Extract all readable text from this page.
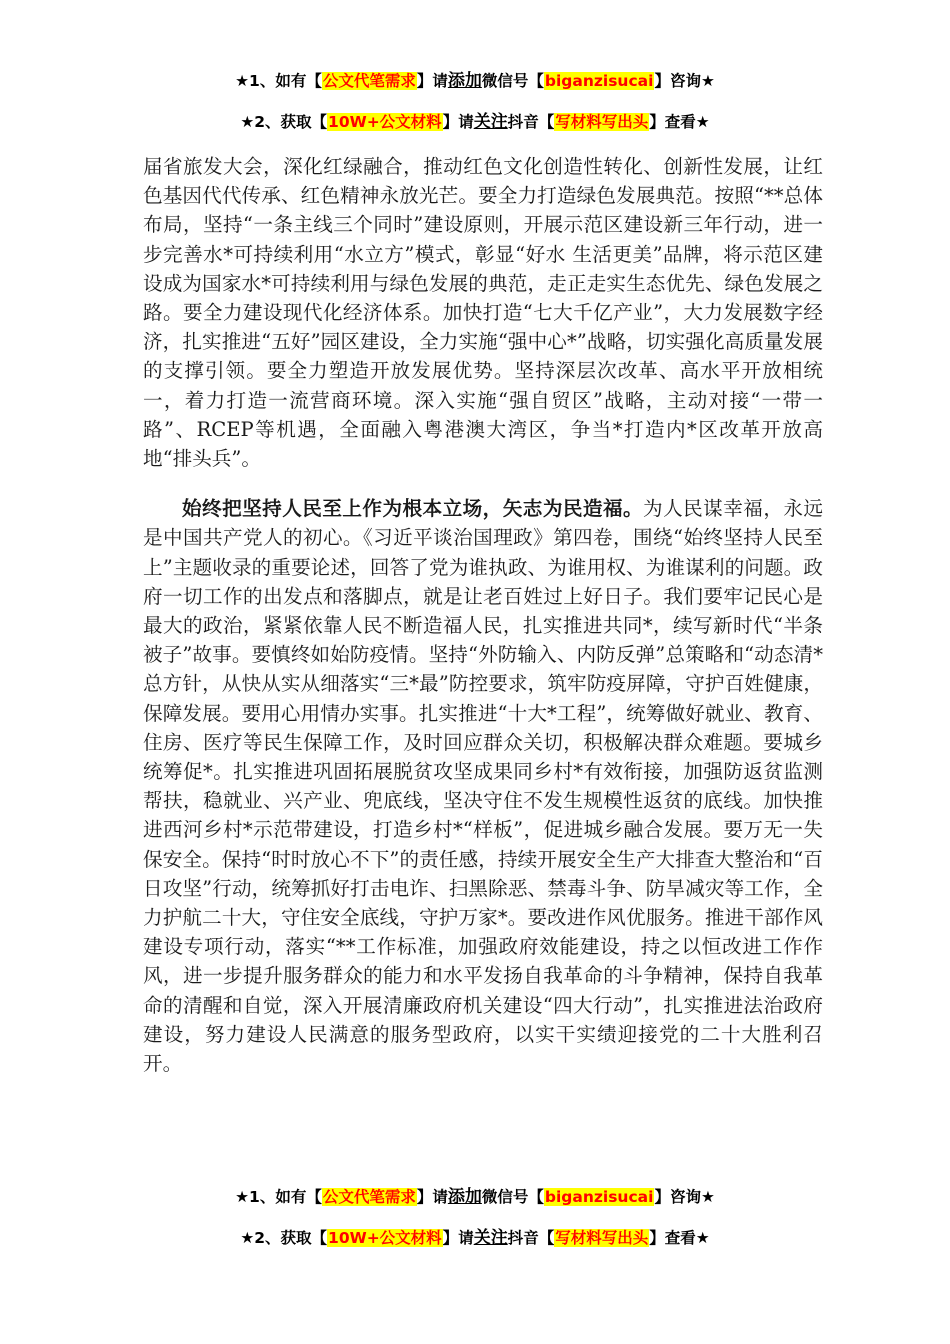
★1、如有【公文代笔需求】请添加微信号【biganzisucai】咨询★
★2、获取【10W+公文材料】请关注抖音【写材料写出头】查看★

届省旅发大会，深化红绿融合，推动红色文化创造性转化、创新性发展，让红色基因代代传承、红色精神永放光芒。要全力打造绿色发展典范。按照“**总体布局，坚持“一条主线三个同时”建设原则，开展示范区建设新三年行动，进一步完善水*可持续利用“水立方”模式，彰显“好水 生活更美”品牌，将示范区建设成为国家水*可持续利用与绿色发展的典范，走正走实生态优先、绿色发展之路。要全力建设现代化经济体系。加快打造“七大千亿产业”，大力发展数字经济，扎实推进“五好”园区建设，全力实施“强中心*”战略，切实强化高质量发展的支撑引领。要全力塑造开放发展优势。坚持深层次改革、高水平开放相统一，着力打造一流营商环境。深入实施“强自贸区”战略，主动对接“一带一路”、RCEP等机遇，全面融入粤港澳大湾区，争当*打造内*区改革开放高地“排头兵”。

始终把坚持人民至上作为根本立场，矢志为民造福。为人民谋幸福，永远是中国共产党人的初心。《习近平谈治国理政》第四卷，围绕“始终坚持人民至上”主题收录的重要论述，回答了党为谁执政、为谁用权、为谁谋利的问题。政府一切工作的出发点和落脚点，就是让老百姓过上好日子。我们要牢记民心是最大的政治，紧紧依靠人民不断造福人民，扎实推进共同*，续写新时代“半条被子”故事。要慎终如始防疫情。坚持“外防输入、内防反弹”总策略和“动态清*总方针，从快从实从细落实“三*最”防控要求，筑牢防疫屏障，守护百姓健康，保障发展。要用心用情办实事。扎实推进“十大*工程”，统筹做好就业、教育、住房、医疗等民生保障工作，及时回应群众关切，积极解决群众难题。要城乡统筹促*。扎实推进巩固拓展脱贫攻坚成果同乡村*有效衔接，加强防返贫监测帮扶，稳就业、兴产业、兜底线，坚决守住不发生规模性返贫的底线。加快推进西河乡村*示范带建设，打造乡村*“样板”，促进城乡融合发展。要万无一失保安全。保持“时时放心不下”的责任感，持续开展安全生产大排查大整治和“百日攻坚”行动，统筹抓好打击电诈、扫黑除恶、禁毒斗争、防旱减灾等工作，全力护航二十大，守住安全底线，守护万家*。要改进作风优服务。推进干部作风建设专项行动，落实“**工作标准，加强政府效能建设，持之以恒改进工作作风，进一步提升服务群众的能力和水平发扬自我革命的斗争精神，保持自我革命的清醒和自觉，深入开展清廉政府机关建设“四大行动”，扎实推进法治政府建设，努力建设人民满意的服务型政府，以实干实绩迎接党的二十大胜利召开。

★1、如有【公文代笔需求】请添加微信号【biganzisucai】咨询★
★2、获取【10W+公文材料】请关注抖音【写材料写出头】查看★
